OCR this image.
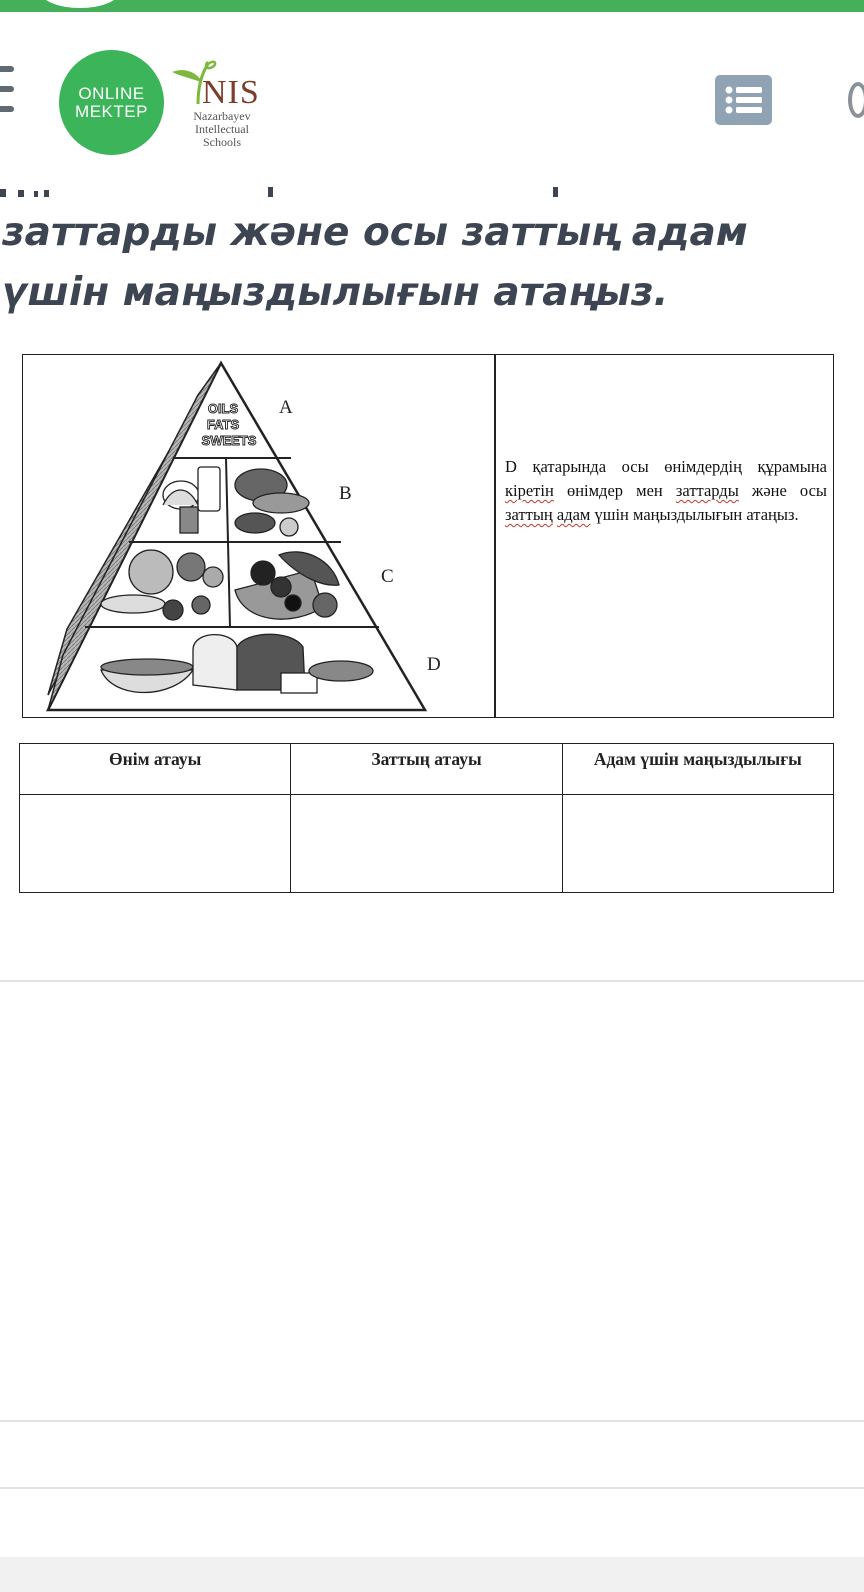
ONLINE
MEKTEP NIS
Nazarbayev
Intellectual
Schools
заттарды және осы заттың адам
үшін маңыздылығын атаңыз.
OILS
FATS
SWEETS
A
B
C
D
D қатарында осы өнімдердің құрамына кіретін өнімдер мен заттарды және осы заттың адам үшін маңыздылығын атаңыз.
Өнім атауы	Заттың атауы	Адам үшін маңыздылығы
